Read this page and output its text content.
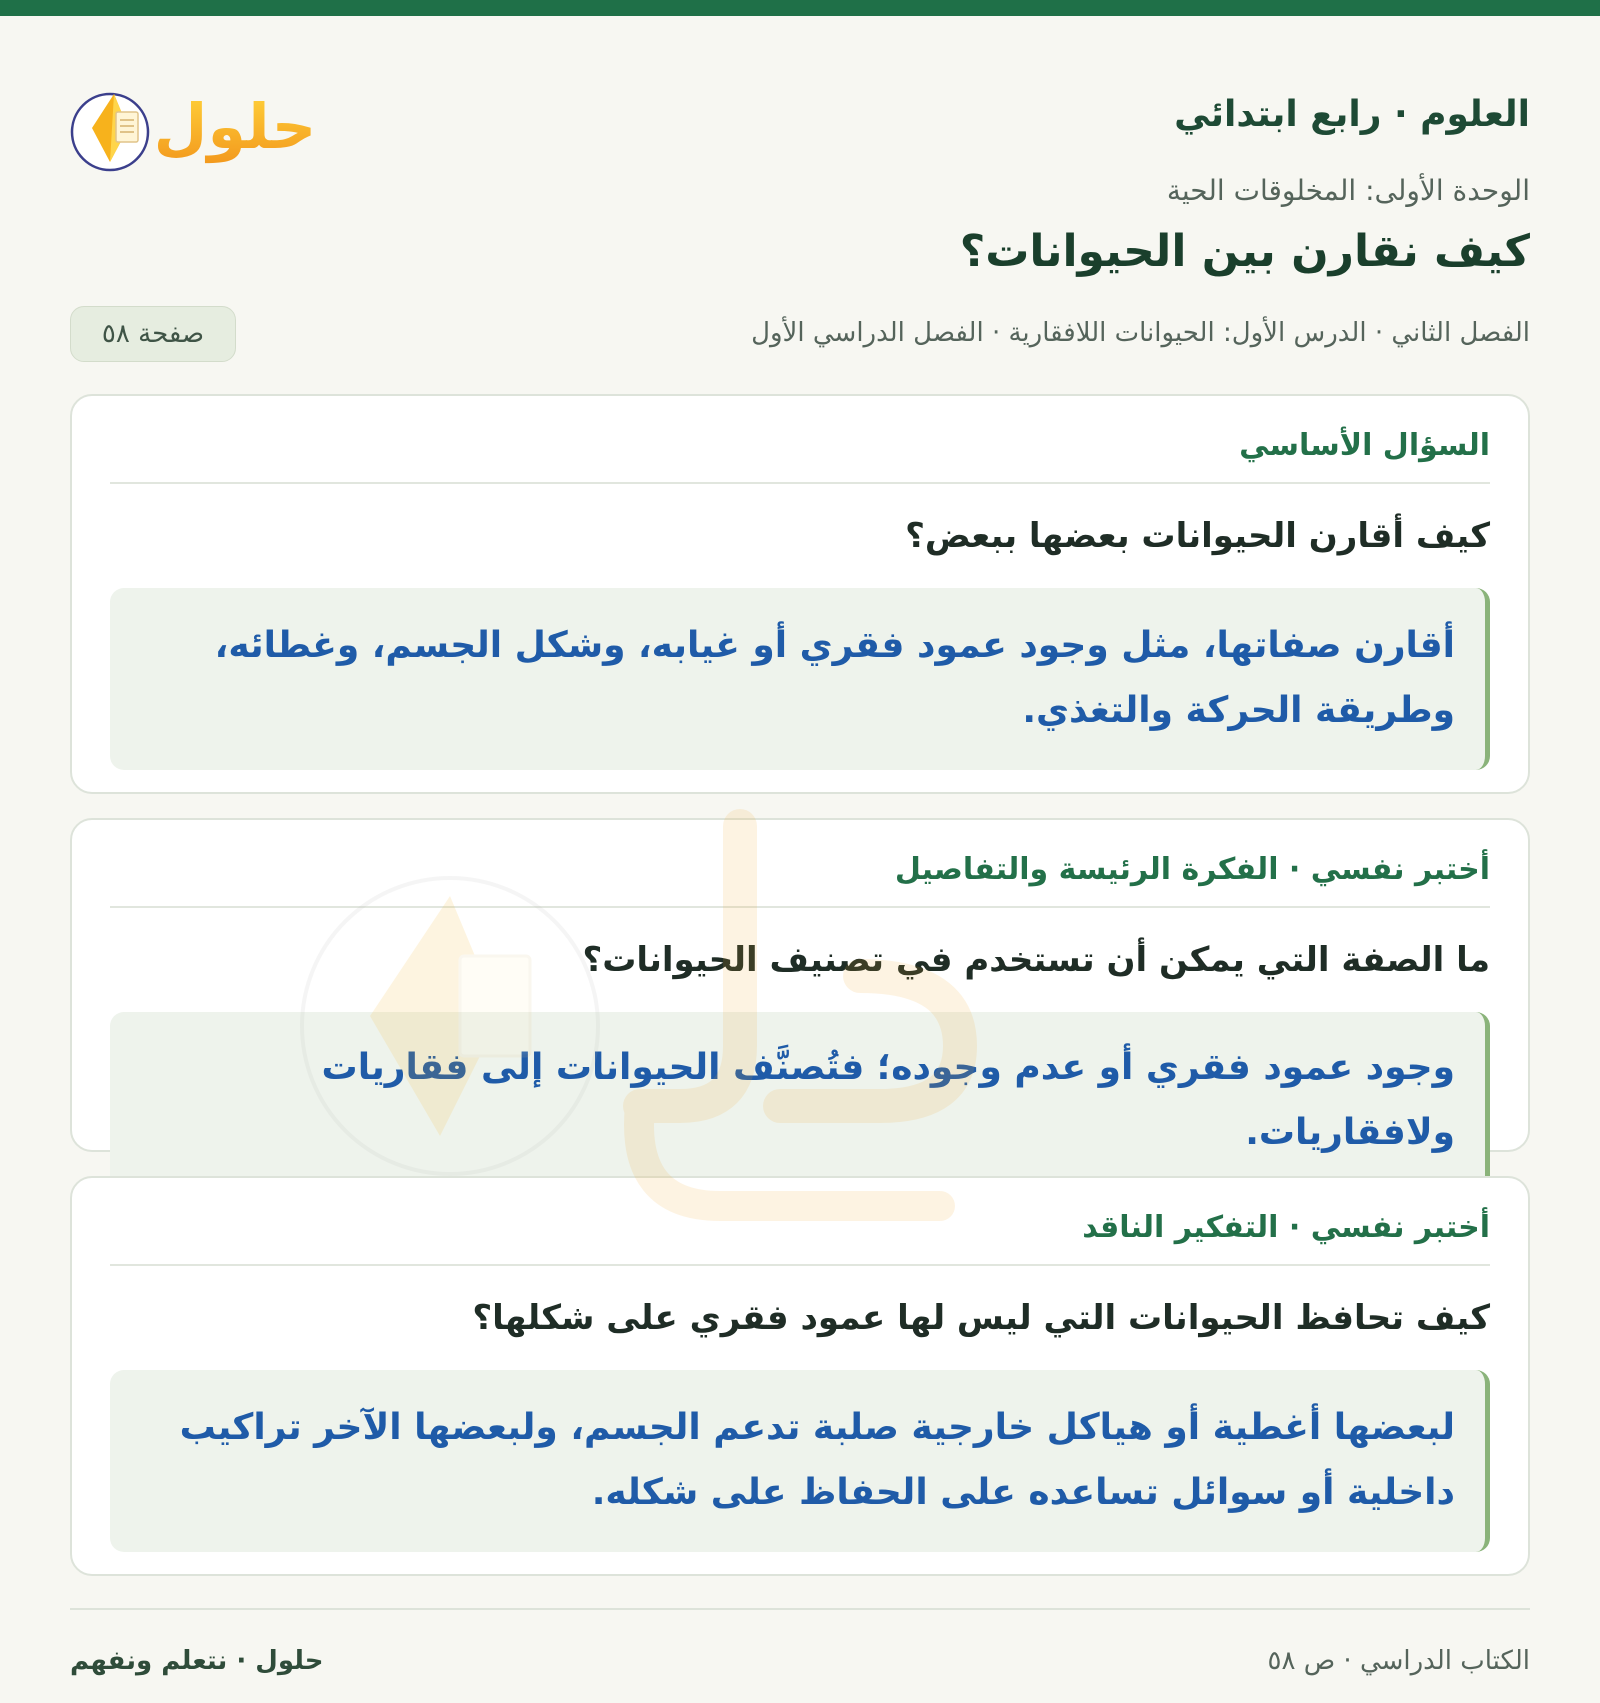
العلوم · رابع ابتدائي
حلول
الوحدة الأولى: المخلوقات الحية
كيف نقارن بين الحيوانات؟
الفصل الثاني · الدرس الأول: الحيوانات اللافقارية · الفصل الدراسي الأول
صفحة ٥٨
السؤال الأساسي
كيف أقارن الحيوانات بعضها ببعض؟
أقارن صفاتها، مثل وجود عمود فقري أو غيابه، وشكل الجسم، وغطائه، وطريقة الحركة والتغذي.
أختبر نفسي · الفكرة الرئيسة والتفاصيل
ما الصفة التي يمكن أن تستخدم في تصنيف الحيوانات؟
وجود عمود فقري أو عدم وجوده؛ فتُصنَّف الحيوانات إلى فقاريات ولافقاريات.
أختبر نفسي · التفكير الناقد
كيف تحافظ الحيوانات التي ليس لها عمود فقري على شكلها؟
لبعضها أغطية أو هياكل خارجية صلبة تدعم الجسم، ولبعضها الآخر تراكيب داخلية أو سوائل تساعده على الحفاظ على شكله.
الكتاب الدراسي · ص ٥٨
حلول · نتعلم ونفهم
